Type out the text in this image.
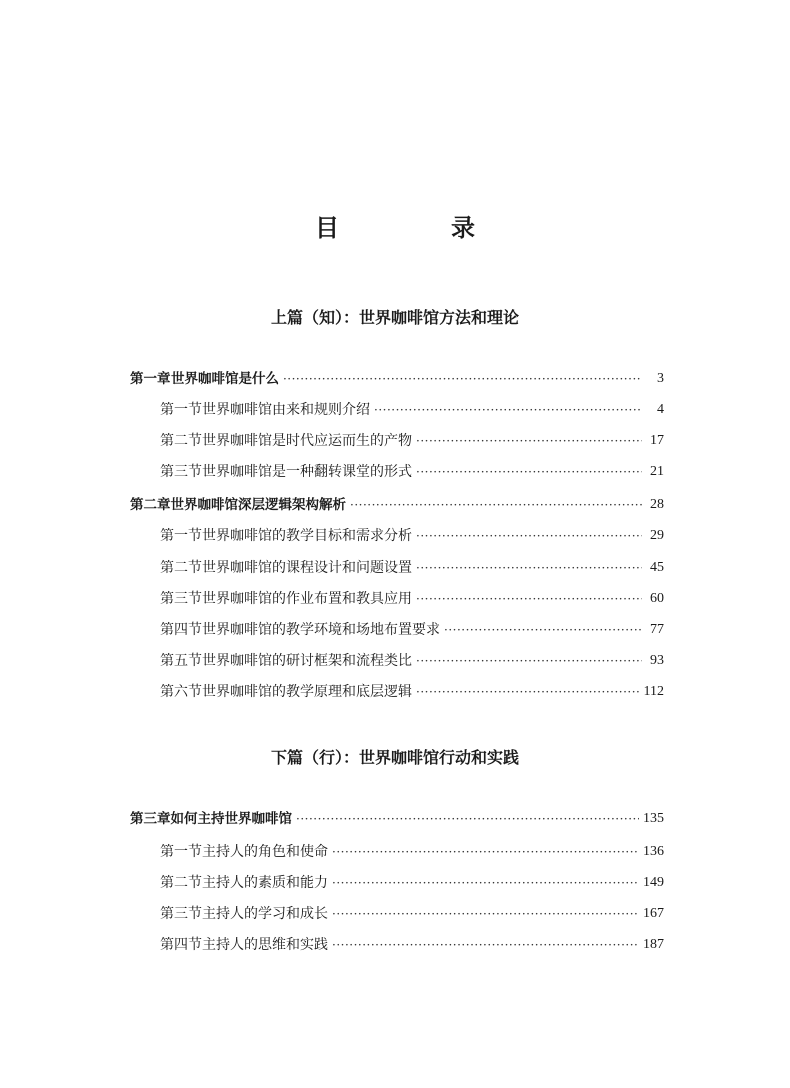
目　录
上篇（知）：世界咖啡馆方法和理论
第一章 世界咖啡馆是什么 ·····	3
第一节 世界咖啡馆由来和规则介绍 ·····	4
第二节 世界咖啡馆是时代应运而生的产物 ·····	17
第三节 世界咖啡馆是一种翻转课堂的形式 ·····	21
第二章 世界咖啡馆深层逻辑架构解析 ·····	28
第一节 世界咖啡馆的教学目标和需求分析 ·····	29
第二节 世界咖啡馆的课程设计和问题设置 ·····	45
第三节 世界咖啡馆的作业布置和教具应用 ·····	60
第四节 世界咖啡馆的教学环境和场地布置要求 ·····	77
第五节 世界咖啡馆的研讨框架和流程类比 ·····	93
第六节 世界咖啡馆的教学原理和底层逻辑 ·····	112
下篇（行）：世界咖啡馆行动和实践
第三章 如何主持世界咖啡馆 ·····	135
第一节 主持人的角色和使命 ·····	136
第二节 主持人的素质和能力 ·····	149
第三节 主持人的学习和成长 ·····	167
第四节 主持人的思维和实践 ·····	187
